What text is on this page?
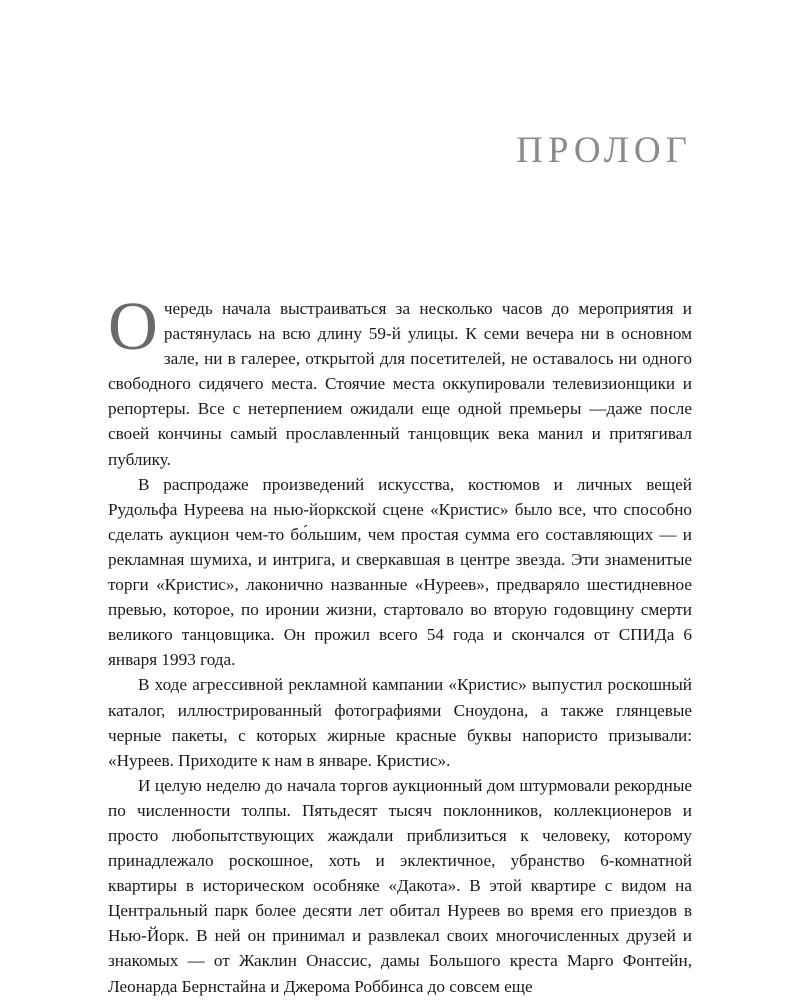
ПРОЛОГ

Очередь начала выстраиваться за несколько часов до мероприятия и растянулась на всю длину 59-й улицы. К семи вечера ни в основном зале, ни в галерее, открытой для посетителей, не оставалось ни одного свободного сидячего места. Стоячие места оккупировали телевизионщики и репортеры. Все с нетерпением ожидали еще одной премьеры —даже после своей кончины самый прославленный танцовщик века манил и притягивал публику.

В распродаже произведений искусства, костюмов и личных вещей Рудольфа Нуреева на нью-йоркской сцене «Кристис» было все, что способно сделать аукцион чем-то бо́льшим, чем простая сумма его составляющих — и рекламная шумиха, и интрига, и сверкавшая в центре звезда. Эти знаменитые торги «Кристис», лаконично названные «Нуреев», предваряло шестидневное превью, которое, по иронии жизни, стартовало во вторую годовщину смерти великого танцовщика. Он прожил всего 54 года и скончался от СПИДа 6 января 1993 года.

В ходе агрессивной рекламной кампании «Кристис» выпустил роскошный каталог, иллюстрированный фотографиями Сноудона, а также глянцевые черные пакеты, с которых жирные красные буквы напористо призывали: «Нуреев. Приходите к нам в январе. Кристис».

И целую неделю до начала торгов аукционный дом штурмовали рекордные по численности толпы. Пятьдесят тысяч поклонников, коллекционеров и просто любопытствующих жаждали приблизиться к человеку, которому принадлежало роскошное, хоть и эклектичное, убранство 6-комнатной квартиры в историческом особняке «Дакота». В этой квартире с видом на Центральный парк более десяти лет обитал Нуреев во время его приездов в Нью-Йорк. В ней он принимал и развлекал своих многочисленных друзей и знакомых — от Жаклин Онассис, дамы Большого креста Марго Фонтейн, Леонарда Бернстайна и Джерома Роббинса до совсем еще
